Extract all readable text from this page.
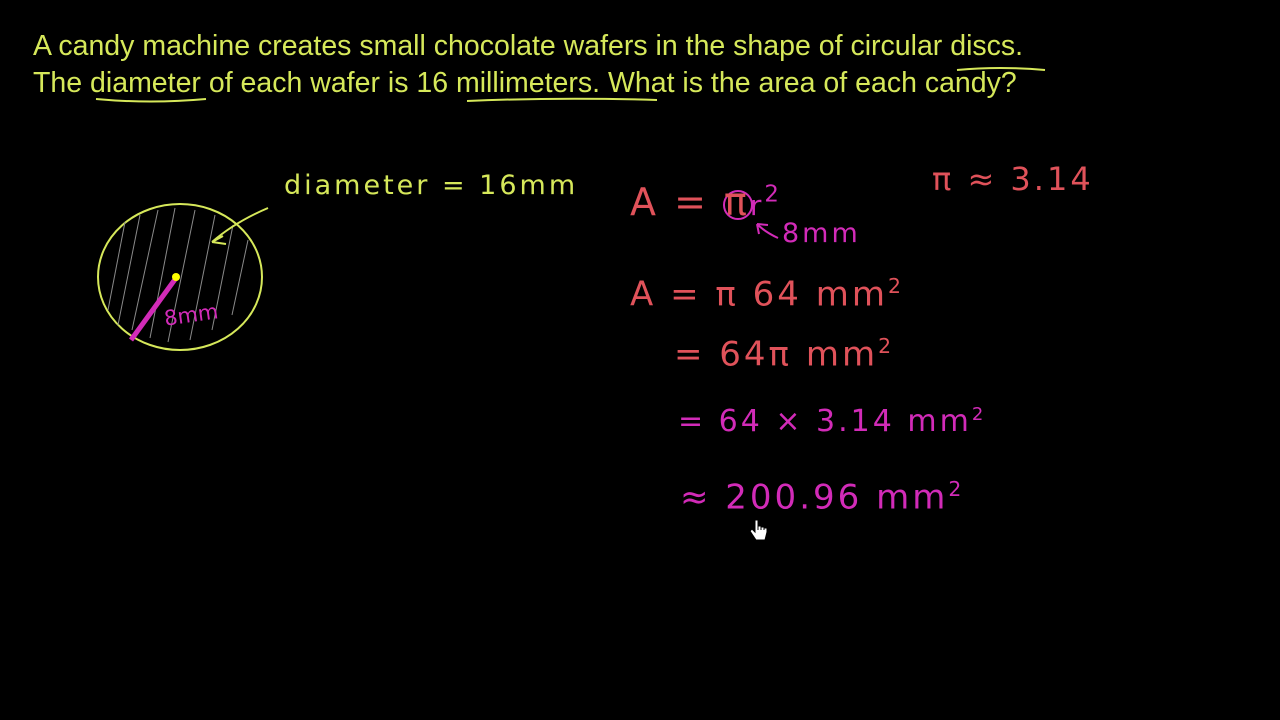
A candy machine creates small chocolate wafers in the shape of circular discs.
The diameter of each wafer is 16 millimeters. What is the area of each candy?

diameter = 16mm
8mm
$A = \pi r^2$
8mm
π ≈ 3.14
A = π 64 $mm^2$
= 64π $mm^2$
= 64 × 3.14 $mm^2$
≈ 200.96 $mm^2$
